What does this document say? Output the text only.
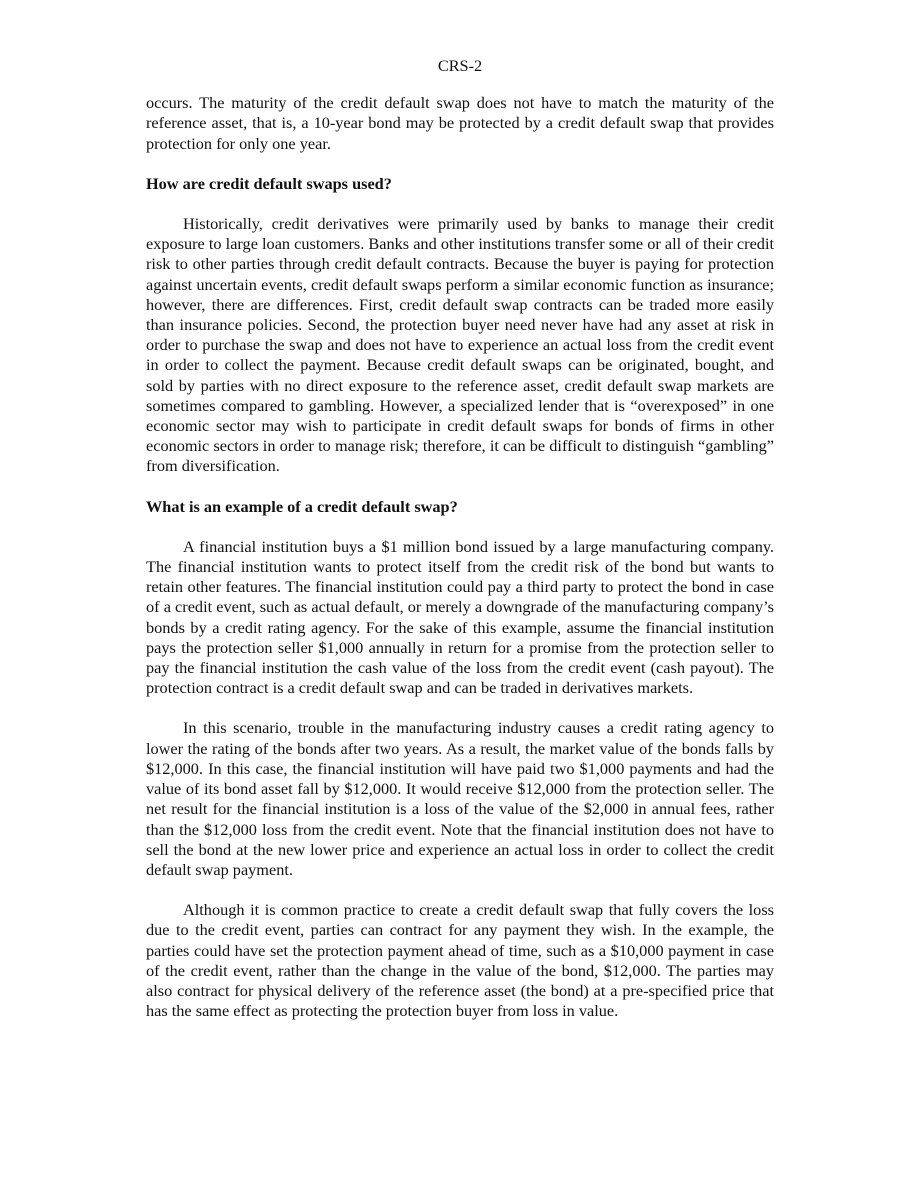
CRS-2

occurs. The maturity of the credit default swap does not have to match the maturity of the reference asset, that is, a 10-year bond may be protected by a credit default swap that provides protection for only one year.

How are credit default swaps used?

Historically, credit derivatives were primarily used by banks to manage their credit exposure to large loan customers. Banks and other institutions transfer some or all of their credit risk to other parties through credit default contracts. Because the buyer is paying for protection against uncertain events, credit default swaps perform a similar economic function as insurance; however, there are differences. First, credit default swap contracts can be traded more easily than insurance policies. Second, the protection buyer need never have had any asset at risk in order to purchase the swap and does not have to experience an actual loss from the credit event in order to collect the payment. Because credit default swaps can be originated, bought, and sold by parties with no direct exposure to the reference asset, credit default swap markets are sometimes compared to gambling. However, a specialized lender that is “overexposed” in one economic sector may wish to participate in credit default swaps for bonds of firms in other economic sectors in order to manage risk; therefore, it can be difficult to distinguish “gambling” from diversification.

What is an example of a credit default swap?

A financial institution buys a $1 million bond issued by a large manufacturing company. The financial institution wants to protect itself from the credit risk of the bond but wants to retain other features. The financial institution could pay a third party to protect the bond in case of a credit event, such as actual default, or merely a downgrade of the manufacturing company’s bonds by a credit rating agency. For the sake of this example, assume the financial institution pays the protection seller $1,000 annually in return for a promise from the protection seller to pay the financial institution the cash value of the loss from the credit event (cash payout). The protection contract is a credit default swap and can be traded in derivatives markets.

In this scenario, trouble in the manufacturing industry causes a credit rating agency to lower the rating of the bonds after two years. As a result, the market value of the bonds falls by $12,000. In this case, the financial institution will have paid two $1,000 payments and had the value of its bond asset fall by $12,000. It would receive $12,000 from the protection seller. The net result for the financial institution is a loss of the value of the $2,000 in annual fees, rather than the $12,000 loss from the credit event. Note that the financial institution does not have to sell the bond at the new lower price and experience an actual loss in order to collect the credit default swap payment.

Although it is common practice to create a credit default swap that fully covers the loss due to the credit event, parties can contract for any payment they wish. In the example, the parties could have set the protection payment ahead of time, such as a $10,000 payment in case of the credit event, rather than the change in the value of the bond, $12,000. The parties may also contract for physical delivery of the reference asset (the bond) at a pre-specified price that has the same effect as protecting the protection buyer from loss in value.
